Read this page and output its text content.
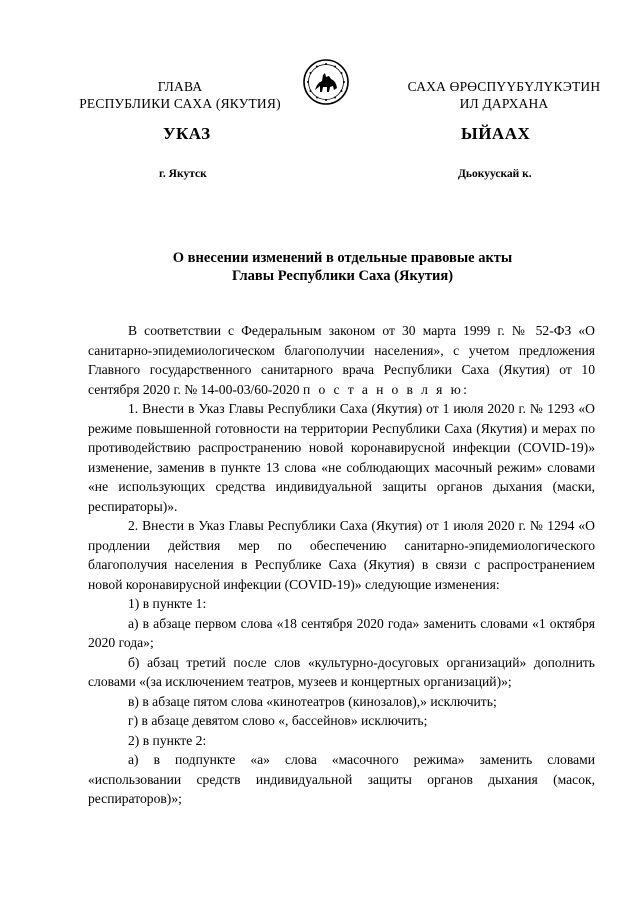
ГЛАВА
РЕСПУБЛИКИ САХА (ЯКУТИЯ)
САХА ӨРӨСПҮҮБҮЛҮКЭТИН
ИЛ ДАРХАНА
УКАЗ	ЫЙААХ
г. Якутск	Дьокуускай к.
О внесении изменений в отдельные правовые акты
Главы Республики Саха (Якутия)

В соответствии с Федеральным законом от 30 марта 1999 г. № 52-ФЗ «О санитарно-эпидемиологическом благополучии населения», с учетом предложения Главного государственного санитарного врача Республики Саха (Якутия) от 10 сентября 2020 г. № 14-00-03/60-2020 п о с т а н о в л я ю:

1. Внести в Указ Главы Республики Саха (Якутия) от 1 июля 2020 г. № 1293 «О режиме повышенной готовности на территории Республики Саха (Якутия) и мерах по противодействию распространению новой коронавирусной инфекции (COVID-19)» изменение, заменив в пункте 13 слова «не соблюдающих масочный режим» словами «не использующих средства индивидуальной защиты органов дыхания (маски, респираторы)».

2. Внести в Указ Главы Республики Саха (Якутия) от 1 июля 2020 г. № 1294 «О продлении действия мер по обеспечению санитарно-эпидемиологического благополучия населения в Республике Саха (Якутия) в связи с распространением новой коронавирусной инфекции (COVID-19)» следующие изменения:

1) в пункте 1:

а) в абзаце первом слова «18 сентября 2020 года» заменить словами «1 октября 2020 года»;

б) абзац третий после слов «культурно-досуговых организаций» дополнить словами «(за исключением театров, музеев и концертных организаций)»;

в) в абзаце пятом слова «кинотеатров (кинозалов),» исключить;

г) в абзаце девятом слово «, бассейнов» исключить;

2) в пункте 2:

а) в подпункте «а» слова «масочного режима» заменить словами «использовании средств индивидуальной защиты органов дыхания (масок, респираторов)»;
